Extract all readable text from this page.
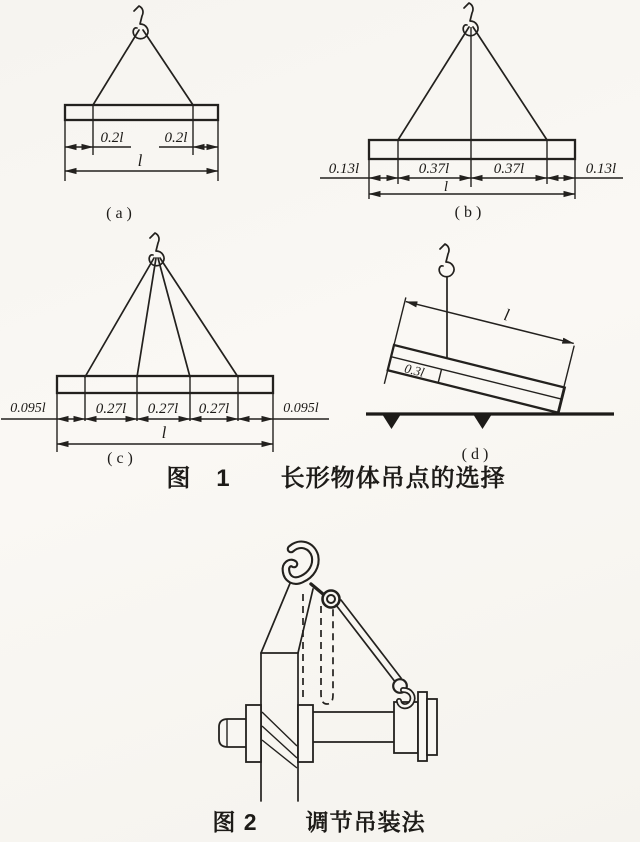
0.2l	0.2l
l
(a)
0.13l	0.37l	0.37l	0.13l
l
(b)
0.095l	0.27l 0.27l 0.27l	0.095l
l
(c)
0.3l
l
(d)
图　1　　长形物体吊点的选择
图 2　　调节吊装法
